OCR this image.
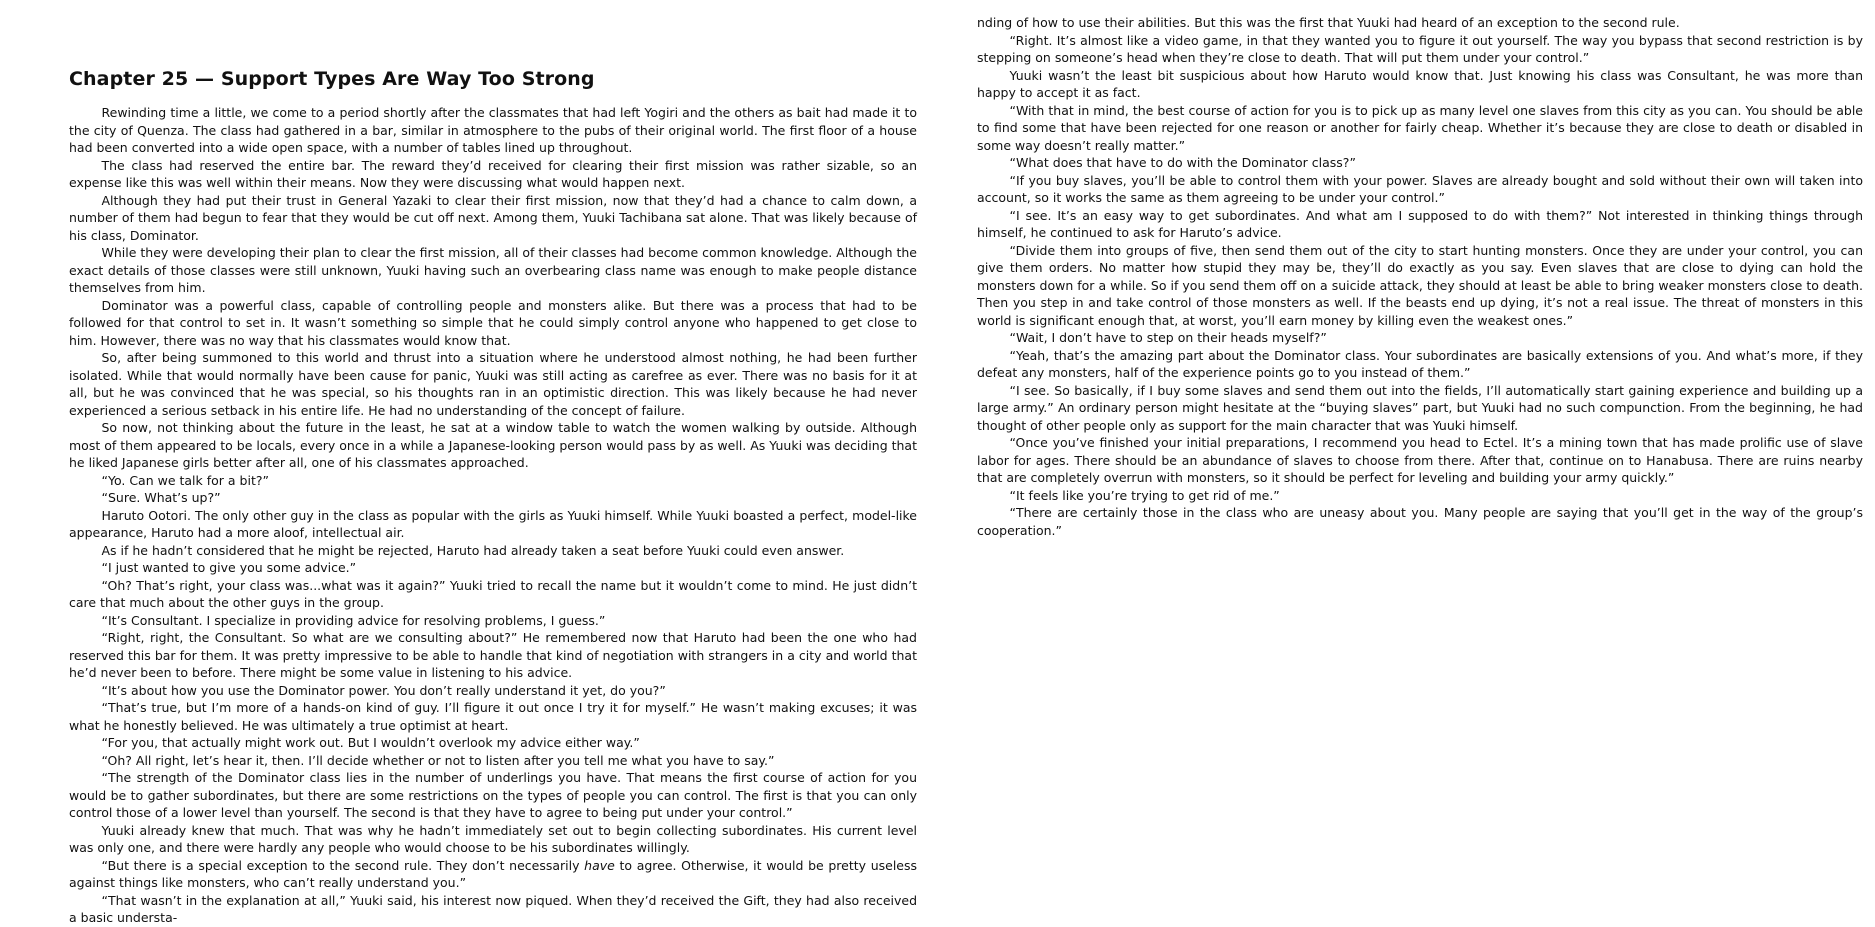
Chapter 25 — Support Types Are Way Too Strong

Rewinding time a little, we come to a period shortly after the classmates that had left Yogiri and the others as bait had made it to the city of Quenza. The class had gathered in a bar, similar in atmosphere to the pubs of their original world. The first floor of a house had been converted into a wide open space, with a number of tables lined up throughout.

The class had reserved the entire bar. The reward they’d received for clearing their first mission was rather sizable, so an expense like this was well within their means. Now they were discussing what would happen next.

Although they had put their trust in General Yazaki to clear their first mission, now that they’d had a chance to calm down, a number of them had begun to fear that they would be cut off next. Among them, Yuuki Tachibana sat alone. That was likely because of his class, Dominator.

While they were developing their plan to clear the first mission, all of their classes had become common knowledge. Although the exact details of those classes were still unknown, Yuuki having such an overbearing class name was enough to make people distance themselves from him.

Dominator was a powerful class, capable of controlling people and monsters alike. But there was a process that had to be followed for that control to set in. It wasn’t something so simple that he could simply control anyone who happened to get close to him. However, there was no way that his classmates would know that.

So, after being summoned to this world and thrust into a situation where he understood almost nothing, he had been further isolated. While that would normally have been cause for panic, Yuuki was still acting as carefree as ever. There was no basis for it at all, but he was convinced that he was special, so his thoughts ran in an optimistic direction. This was likely because he had never experienced a serious setback in his entire life. He had no understanding of the concept of failure.

So now, not thinking about the future in the least, he sat at a window table to watch the women walking by outside. Although most of them appeared to be locals, every once in a while a Japanese-looking person would pass by as well. As Yuuki was deciding that he liked Japanese girls better after all, one of his classmates approached.

“Yo. Can we talk for a bit?”

“Sure. What’s up?”

Haruto Ootori. The only other guy in the class as popular with the girls as Yuuki himself. While Yuuki boasted a perfect, model-like appearance, Haruto had a more aloof, intellectual air.

As if he hadn’t considered that he might be rejected, Haruto had already taken a seat before Yuuki could even answer.

“I just wanted to give you some advice.”

“Oh? That’s right, your class was...what was it again?” Yuuki tried to recall the name but it wouldn’t come to mind. He just didn’t care that much about the other guys in the group.

“It’s Consultant. I specialize in providing advice for resolving problems, I guess.”

“Right, right, the Consultant. So what are we consulting about?” He remembered now that Haruto had been the one who had reserved this bar for them. It was pretty impressive to be able to handle that kind of negotiation with strangers in a city and world that he’d never been to before. There might be some value in listening to his advice.

“It’s about how you use the Dominator power. You don’t really understand it yet, do you?”

“That’s true, but I’m more of a hands-on kind of guy. I’ll figure it out once I try it for myself.” He wasn’t making excuses; it was what he honestly believed. He was ultimately a true optimist at heart.

“For you, that actually might work out. But I wouldn’t overlook my advice either way.”

“Oh? All right, let’s hear it, then. I’ll decide whether or not to listen after you tell me what you have to say.”

“The strength of the Dominator class lies in the number of underlings you have. That means the first course of action for you would be to gather subordinates, but there are some restrictions on the types of people you can control. The first is that you can only control those of a lower level than yourself. The second is that they have to agree to being put under your control.”

Yuuki already knew that much. That was why he hadn’t immediately set out to begin collecting subordinates. His current level was only one, and there were hardly any people who would choose to be his subordinates willingly.

“But there is a special exception to the second rule. They don’t necessarily have to agree. Otherwise, it would be pretty useless against things like monsters, who can’t really understand you.”

“That wasn’t in the explanation at all,” Yuuki said, his interest now piqued. When they’d received the Gift, they had also received a basic understa-

nding of how to use their abilities. But this was the first that Yuuki had heard of an exception to the second rule.

“Right. It’s almost like a video game, in that they wanted you to figure it out yourself. The way you bypass that second restriction is by stepping on someone’s head when they’re close to death. That will put them under your control.”

Yuuki wasn’t the least bit suspicious about how Haruto would know that. Just knowing his class was Consultant, he was more than happy to accept it as fact.

“With that in mind, the best course of action for you is to pick up as many level one slaves from this city as you can. You should be able to find some that have been rejected for one reason or another for fairly cheap. Whether it’s because they are close to death or disabled in some way doesn’t really matter.”

“What does that have to do with the Dominator class?”

“If you buy slaves, you’ll be able to control them with your power. Slaves are already bought and sold without their own will taken into account, so it works the same as them agreeing to be under your control.”

“I see. It’s an easy way to get subordinates. And what am I supposed to do with them?” Not interested in thinking things through himself, he continued to ask for Haruto’s advice.

“Divide them into groups of five, then send them out of the city to start hunting monsters. Once they are under your control, you can give them orders. No matter how stupid they may be, they’ll do exactly as you say. Even slaves that are close to dying can hold the monsters down for a while. So if you send them off on a suicide attack, they should at least be able to bring weaker monsters close to death. Then you step in and take control of those monsters as well. If the beasts end up dying, it’s not a real issue. The threat of monsters in this world is significant enough that, at worst, you’ll earn money by killing even the weakest ones.”

“Wait, I don’t have to step on their heads myself?”

“Yeah, that’s the amazing part about the Dominator class. Your subordinates are basically extensions of you. And what’s more, if they defeat any monsters, half of the experience points go to you instead of them.”

“I see. So basically, if I buy some slaves and send them out into the fields, I’ll automatically start gaining experience and building up a large army.” An ordinary person might hesitate at the “buying slaves” part, but Yuuki had no such compunction. From the beginning, he had thought of other people only as support for the main character that was Yuuki himself.

“Once you’ve finished your initial preparations, I recommend you head to Ectel. It’s a mining town that has made prolific use of slave labor for ages. There should be an abundance of slaves to choose from there. After that, continue on to Hanabusa. There are ruins nearby that are completely overrun with monsters, so it should be perfect for leveling and building your army quickly.”

“It feels like you’re trying to get rid of me.”

“There are certainly those in the class who are uneasy about you. Many people are saying that you’ll get in the way of the group’s cooperation.”
